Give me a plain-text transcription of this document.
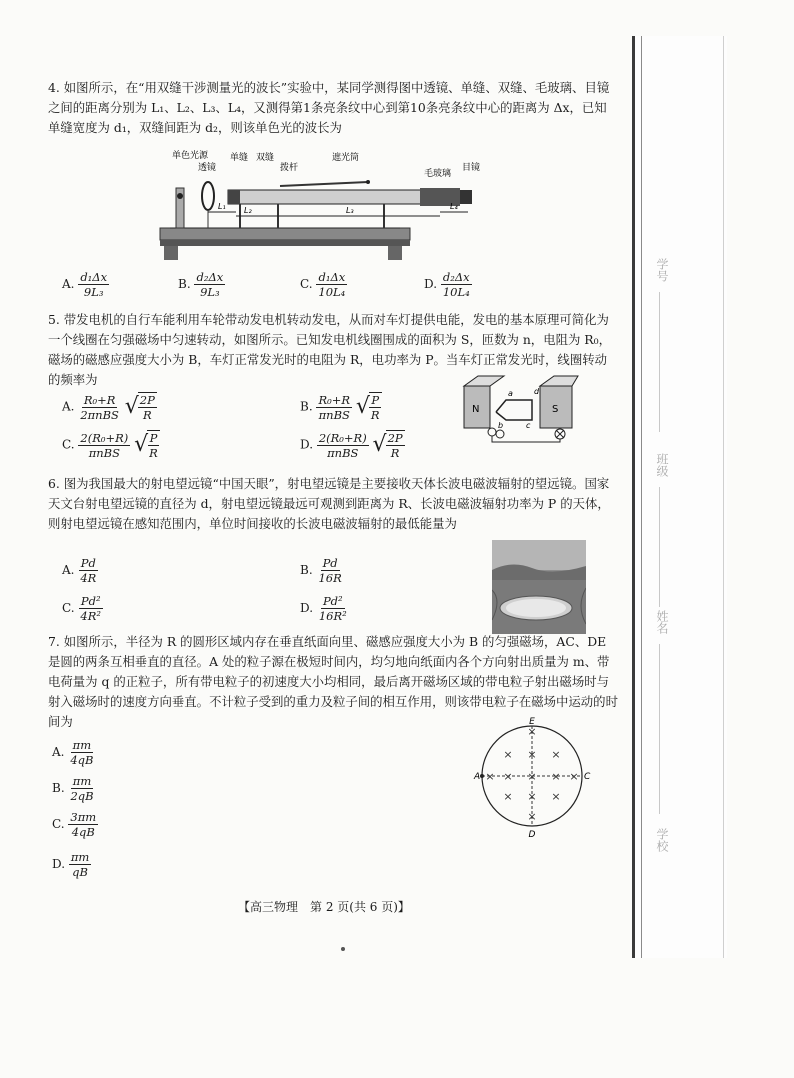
学号
班级
姓名
学校

4. 如图所示，在“用双缝干涉测量光的波长”实验中，某同学测得图中透镜、单缝、双缝、毛玻璃、目镜之间的距离分别为 L₁、L₂、L₃、L₄，又测得第1条亮条纹中心到第10条亮条纹中心的距离为 Δx，已知单缝宽度为 d₁，双缝间距为 d₂，则该单色光的波长为

单色光源
透镜
单缝 双缝
拨杆
遮光筒
毛玻璃
目镜
L₁ L₂	L₃	L₄
A. $\frac{\text{d₁Δx}}{\text{9L₃}}$	B. $\frac{\text{d₂Δx}}{\text{9L₃}}$	C. $\frac{\text{d₁Δx}}{\text{10L₄}}$	D. $\frac{\text{d₂Δx}}{\text{10L₄}}$

5. 带发电机的自行车能利用车轮带动发电机转动发电，从而对车灯提供电能，发电的基本原理可简化为一个线圈在匀强磁场中匀速转动，如图所示。已知发电机线圈围成的面积为 S，匝数为 n，电阻为 R₀，磁场的磁感应强度大小为 B，车灯正常发光时的电阻为 R，电功率为 P。当车灯正常发光时，线圈转动的频率为

N	S
a
b	c
d
A. $\frac{\text{R₀+R}}{\text{2πnBS}}$
√ $\frac{2P}{R}$	B. $\frac{\text{R₀+R}}{\text{πnBS}}$
√ $\frac{P}{R}$
C. $\frac{\text{2(R₀+R)}}{\text{πnBS}}$
√ $\frac{P}{R}$	D. $\frac{\text{2(R₀+R)}}{\text{πnBS}}$
√ $\frac{2P}{R}$

6. 图为我国最大的射电望远镜“中国天眼”，射电望远镜是主要接收天体长波电磁波辐射的望远镜。国家天文台射电望远镜的直径为 d，射电望远镜最远可观测到距离为 R、长波电磁波辐射功率为 P 的天体，则射电望远镜在感知范围内，单位时间接收的长波电磁波辐射的最低能量为

A. $\frac{Pd}{4R}$	B. $\frac{Pd}{16R}$
C. $\frac{\text{Pd²}}{\text{4R²}}$	D. $\frac{\text{Pd²}}{\text{16R²}}$

7. 如图所示，半径为 R 的圆形区域内存在垂直纸面向里、磁感应强度大小为 B 的匀强磁场，AC、DE 是圆的两条互相垂直的直径。A 处的粒子源在极短时间内，均匀地向纸面内各个方向射出质量为 m、带电荷量为 q 的正粒子，所有带电粒子的初速度大小均相同，最后离开磁场区域的带电粒子射出磁场时与射入磁场时的速度方向垂直。不计粒子受到的重力及粒子间的相互作用，则该带电粒子在磁场中运动的时间为

×
× × ×
× × × × ×
× × ×
×
E
A	C
D
A. $\frac{\pi m}{4qB}$
B. $\frac{\pi m}{2qB}$
C. $\frac{3\pi m}{4qB}$
D. $\frac{\pi m}{qB}$
【高三物理　第 2 页(共 6 页)】
